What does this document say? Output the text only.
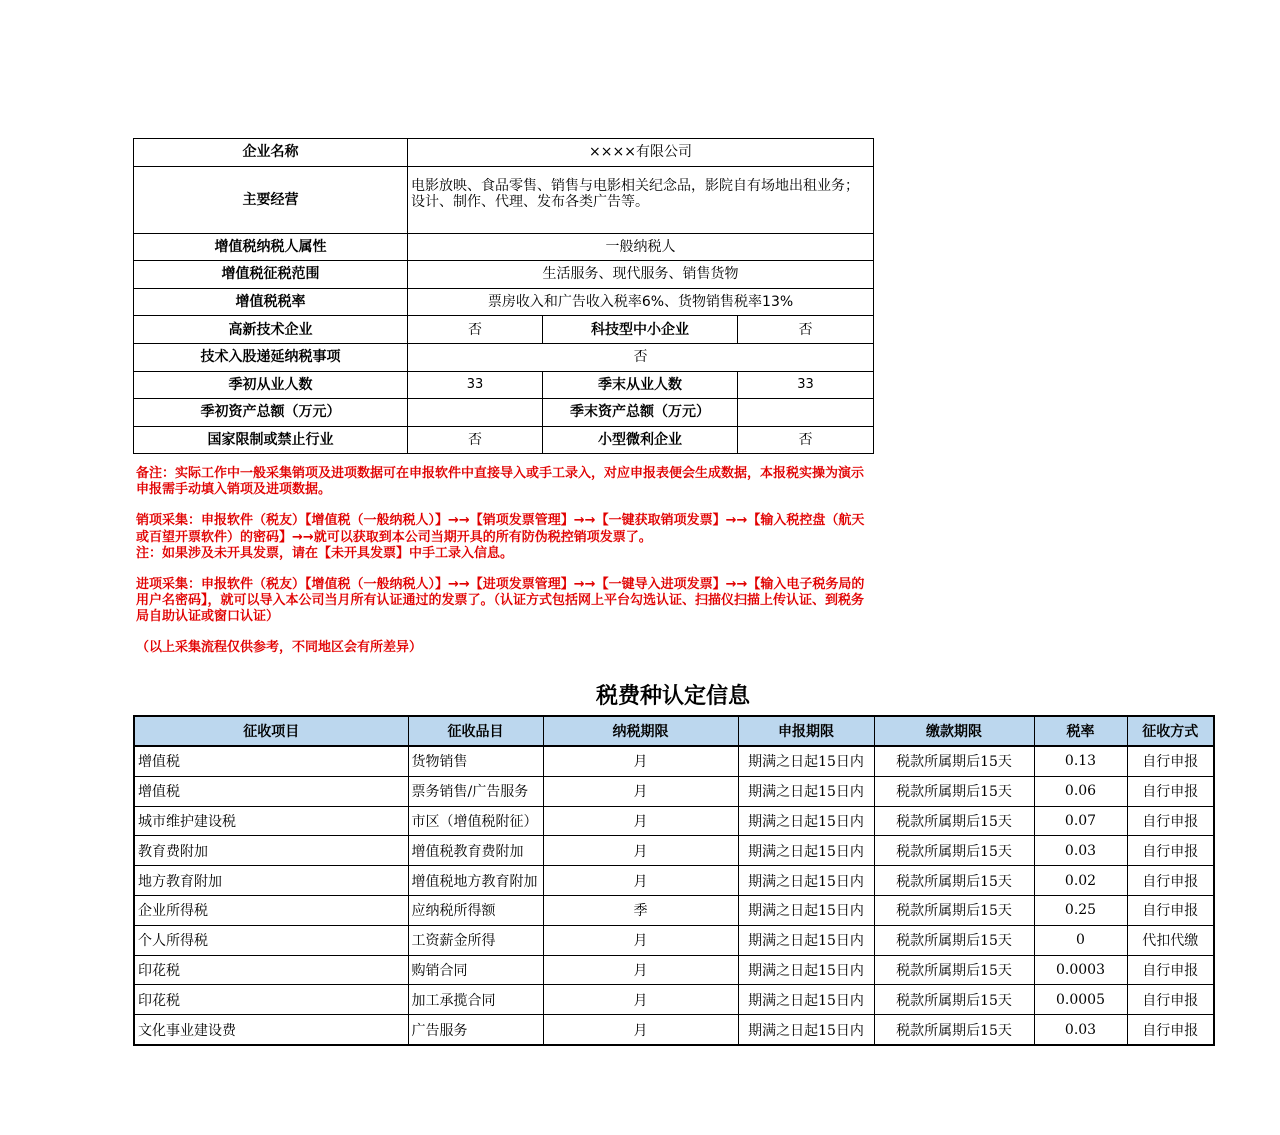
企业名称	××××有限公司		
主要经营	电影放映、食品零售、销售与电影相关纪念品，影院自有场地出租业务；设计、制作、代理、发布各类广告等。		
增值税纳税人属性	一般纳税人		
增值税征税范围	生活服务、现代服务、销售货物		
增值税税率	票房收入和广告收入税率6%、货物销售税率13%		
高新技术企业	否	科技型中小企业	否
技术入股递延纳税事项	否		
季初从业人数	33	季末从业人数	33
季初资产总额（万元）		季末资产总额（万元）	
国家限制或禁止行业	否	小型微利企业	否

备注：实际工作中一般采集销项及进项数据可在申报软件中直接导入或手工录入，对应申报表便会生成数据，本报税实操为演示申报需手动填入销项及进项数据。

销项采集：申报软件（税友）【增值税（一般纳税人）】→→【销项发票管理】→→【一键获取销项发票】→→【输入税控盘（航天或百望开票软件）的密码】→→就可以获取到本公司当期开具的所有防伪税控销项发票了。

注：如果涉及未开具发票，请在【未开具发票】中手工录入信息。

进项采集：申报软件（税友）【增值税（一般纳税人）】→→【进项发票管理】→→【一键导入进项发票】→→【输入电子税务局的用户名密码】，就可以导入本公司当月所有认证通过的发票了。（认证方式包括网上平台勾选认证、扫描仪扫描上传认证、到税务局自助认证或窗口认证）

（以上采集流程仅供参考，不同地区会有所差异）

税费种认定信息
征收项目	征收品目	纳税期限	申报期限	缴款期限	税率	征收方式
增值税	货物销售	月	期满之日起15日内	税款所属期后15天	0.13	自行申报
增值税	票务销售/广告服务	月	期满之日起15日内	税款所属期后15天	0.06	自行申报
城市维护建设税	市区（增值税附征）	月	期满之日起15日内	税款所属期后15天	0.07	自行申报
教育费附加	增值税教育费附加	月	期满之日起15日内	税款所属期后15天	0.03	自行申报
地方教育附加	增值税地方教育附加	月	期满之日起15日内	税款所属期后15天	0.02	自行申报
企业所得税	应纳税所得额	季	期满之日起15日内	税款所属期后15天	0.25	自行申报
个人所得税	工资薪金所得	月	期满之日起15日内	税款所属期后15天	0	代扣代缴
印花税	购销合同	月	期满之日起15日内	税款所属期后15天	0.0003	自行申报
印花税	加工承揽合同	月	期满之日起15日内	税款所属期后15天	0.0005	自行申报
文化事业建设费	广告服务	月	期满之日起15日内	税款所属期后15天	0.03	自行申报
